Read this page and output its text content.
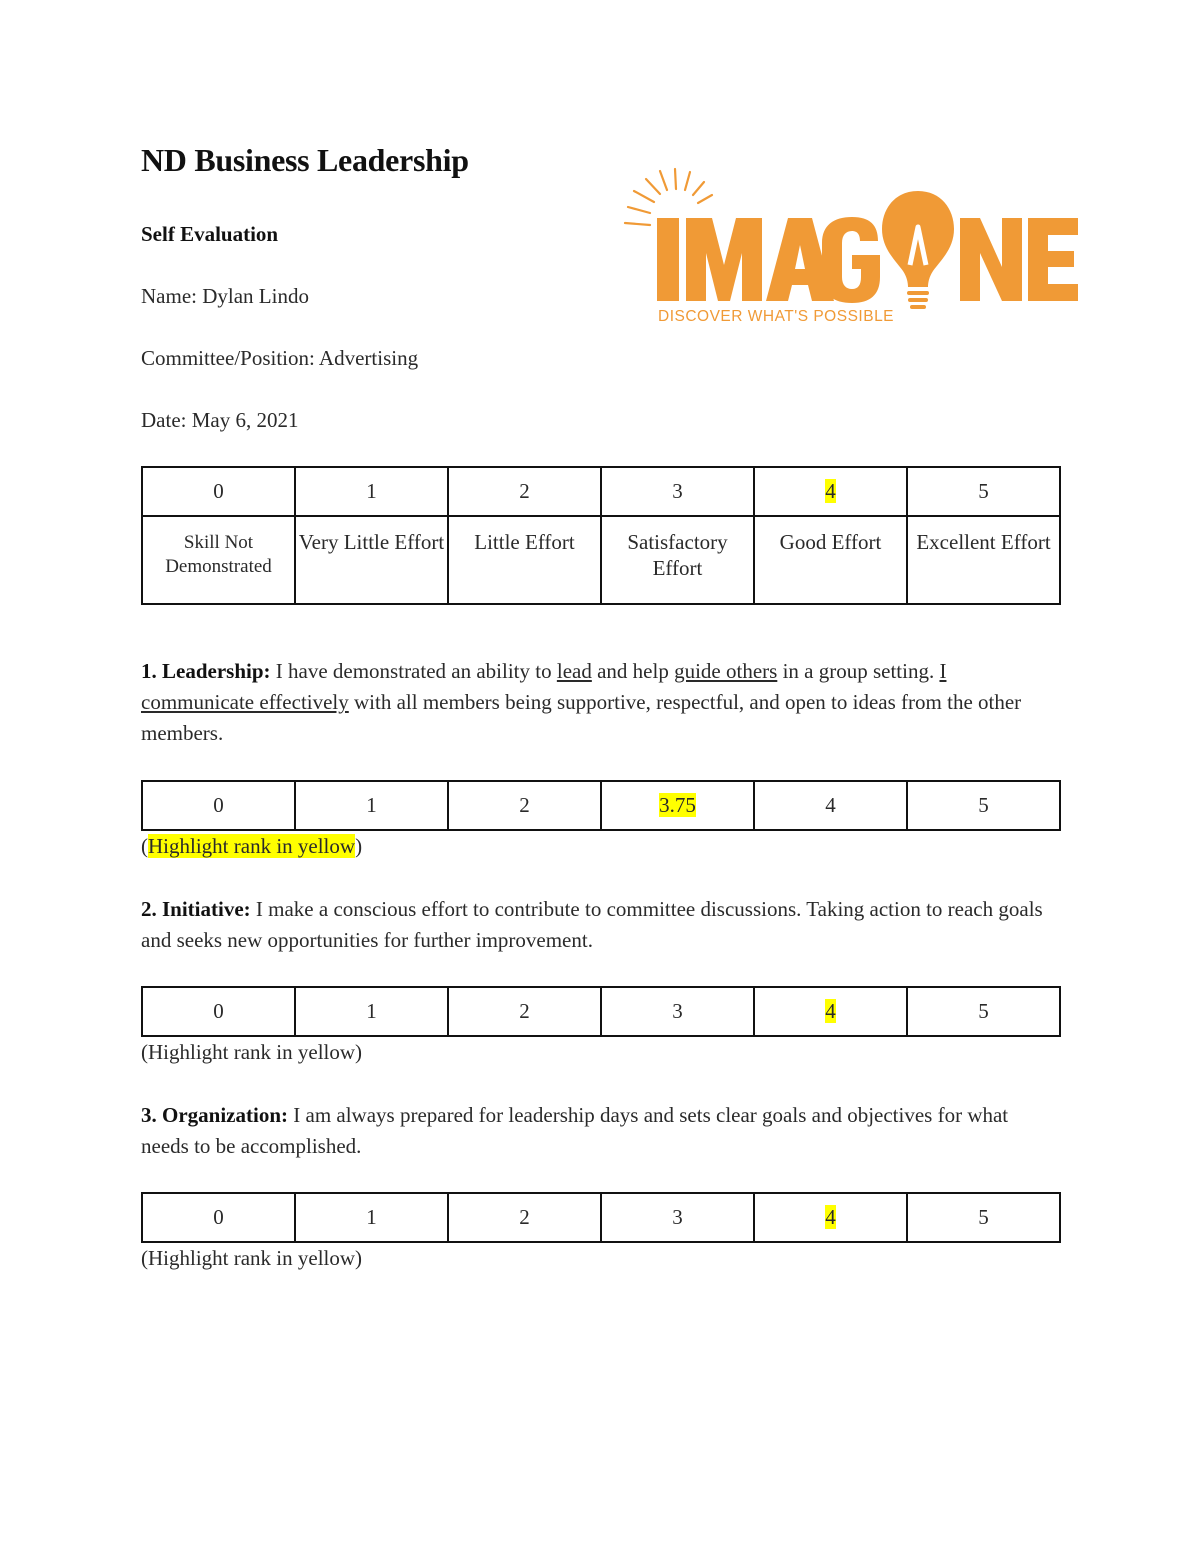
ND Business Leadership
Self Evaluation
Name: Dylan Lindo
Committee/Position: Advertising
Date: May 6, 2021
DISCOVER WHAT'S POSSIBLE
0	1	2	3	4	5
Skill Not Demonstrated	Very Little Effort	Little Effort	Satisfactory Effort	Good Effort	Excellent Effort

1. Leadership: I have demonstrated an ability to lead and help guide others in a group setting. I communicate effectively with all members being supportive, respectful, and open to ideas from the other members.

0	1	2	3.75	4	5
(Highlight rank in yellow)

2. Initiative: I make a conscious effort to contribute to committee discussions. Taking action to reach goals and seeks new opportunities for further improvement.

0	1	2	3	4	5
(Highlight rank in yellow)

3. Organization: I am always prepared for leadership days and sets clear goals and objectives for what needs to be accomplished.

0	1	2	3	4	5
(Highlight rank in yellow)
